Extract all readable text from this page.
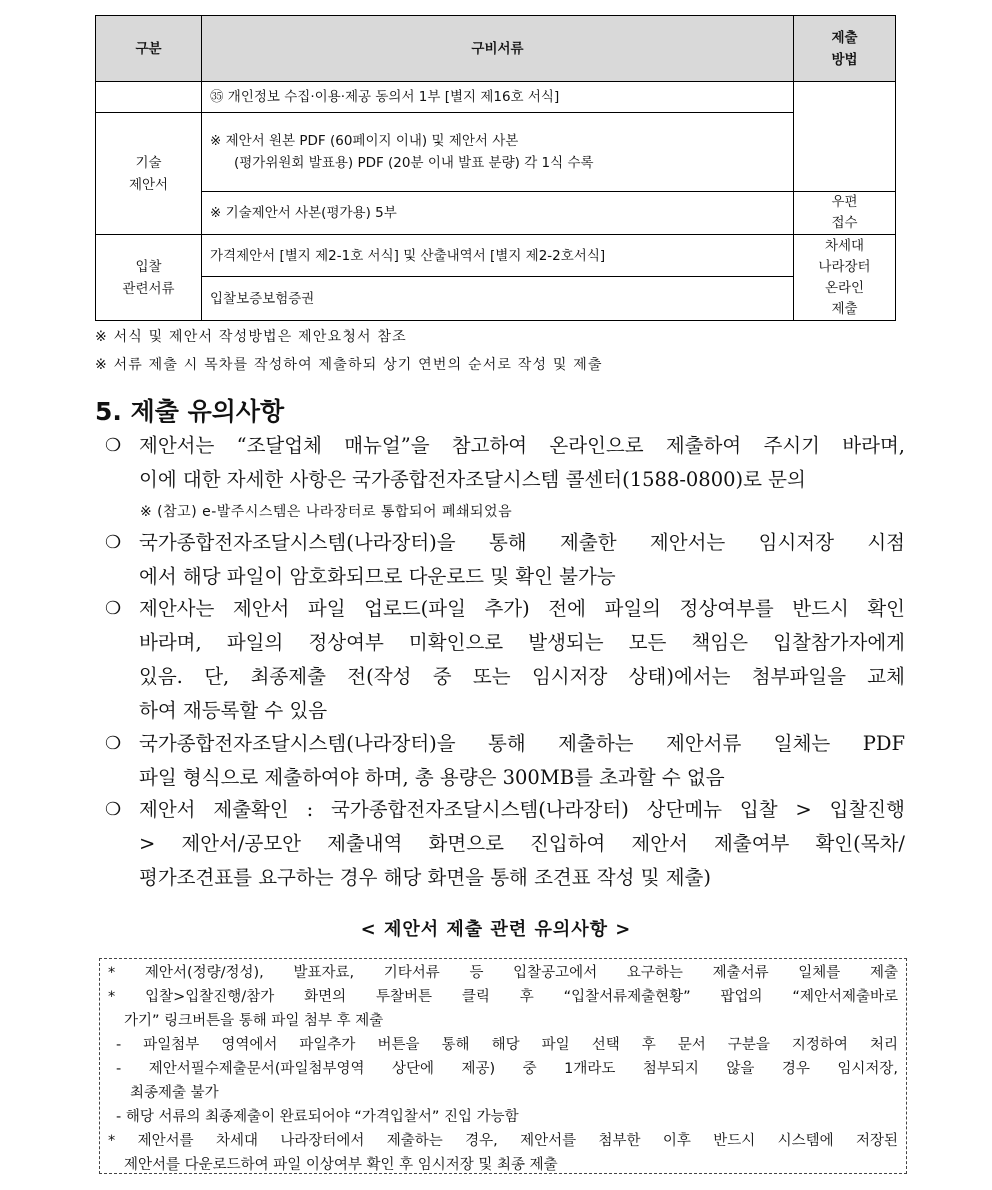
구분	구비서류	제출
방법

	㉟ 개인정보 수집·이용·제공 동의서 1부 [별지 제16호 서식]	

기술
제안서	※ 제안서 원본 PDF (60페이지 이내) 및 제안서 사본
(평가위원회 발표용) PDF (20분 이내 발표 분량) 각 1식 수록	

	※ 기술제안서 사본(평가용) 5부	우편
접수

입찰
관련서류	가격제안서 [별지 제2-1호 서식] 및 산출내역서 [별지 제2-2호서식]	차세대
나라장터
온라인
제출

	입찰보증보험증권	
※ 서식 및 제안서 작성방법은 제안요청서 참조
※ 서류 제출 시 목차를 작성하여 제출하되 상기 연번의 순서로 작성 및 제출
5. 제출 유의사항
❍ 제안서는 “조달업체 매뉴얼”을 참고하여 온라인으로 제출하여 주시기 바라며,
이에 대한 자세한 사항은 국가종합전자조달시스템 콜센터(1588-0800)로 문의
※ (참고) e-발주시스템은 나라장터로 통합되어 폐쇄되었음
❍ 국가종합전자조달시스템(나라장터)을 통해 제출한 제안서는 임시저장 시점
에서 해당 파일이 암호화되므로 다운로드 및 확인 불가능
❍ 제안사는 제안서 파일 업로드(파일 추가) 전에 파일의 정상여부를 반드시 확인
바라며, 파일의 정상여부 미확인으로 발생되는 모든 책임은 입찰참가자에게
있음. 단, 최종제출 전(작성 중 또는 임시저장 상태)에서는 첨부파일을 교체
하여 재등록할 수 있음
❍ 국가종합전자조달시스템(나라장터)을 통해 제출하는 제안서류 일체는 PDF
파일 형식으로 제출하여야 하며, 총 용량은 300MB를 초과할 수 없음
❍ 제안서 제출확인 : 국가종합전자조달시스템(나라장터) 상단메뉴 입찰 > 입찰진행
> 제안서/공모안 제출내역 화면으로 진입하여 제안서 제출여부 확인(목차/
평가조견표를 요구하는 경우 해당 화면을 통해 조견표 작성 및 제출)
< 제안서 제출 관련 유의사항 >
* 제안서(정량/정성), 발표자료, 기타서류 등 입찰공고에서 요구하는 제출서류 일체를 제출
* 입찰>입찰진행/참가 화면의 투찰버튼 클릭 후 “입찰서류제출현황” 팝업의 “제안서제출바로
가기” 링크버튼을 통해 파일 첨부 후 제출
- 파일첨부 영역에서 파일추가 버튼을 통해 해당 파일 선택 후 문서 구분을 지정하여 처리
- 제안서필수제출문서(파일첨부영역 상단에 제공) 중 1개라도 첨부되지 않을 경우 임시저장,
최종제출 불가
- 해당 서류의 최종제출이 완료되어야 “가격입찰서” 진입 가능함
* 제안서를 차세대 나라장터에서 제출하는 경우, 제안서를 첨부한 이후 반드시 시스템에 저장된
제안서를 다운로드하여 파일 이상여부 확인 후 임시저장 및 최종 제출
